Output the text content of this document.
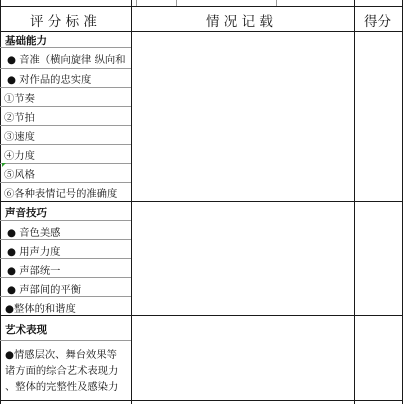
评 分 标 准	情 况 记 载	得分
基础能力
● 音准（横向旋律 纵向和
● 对作品的忠实度
①节奏
②节拍
③速度
④力度
⑤风格
⑥各种表情记号的准确度
声音技巧
● 音色美感
● 用声力度
● 声部统一
● 声部间的平衡
●整体的和谐度
艺术表现
●情感层次、舞台效果等
诸方面的综合艺术表现力
、整体的完整性及感染力
